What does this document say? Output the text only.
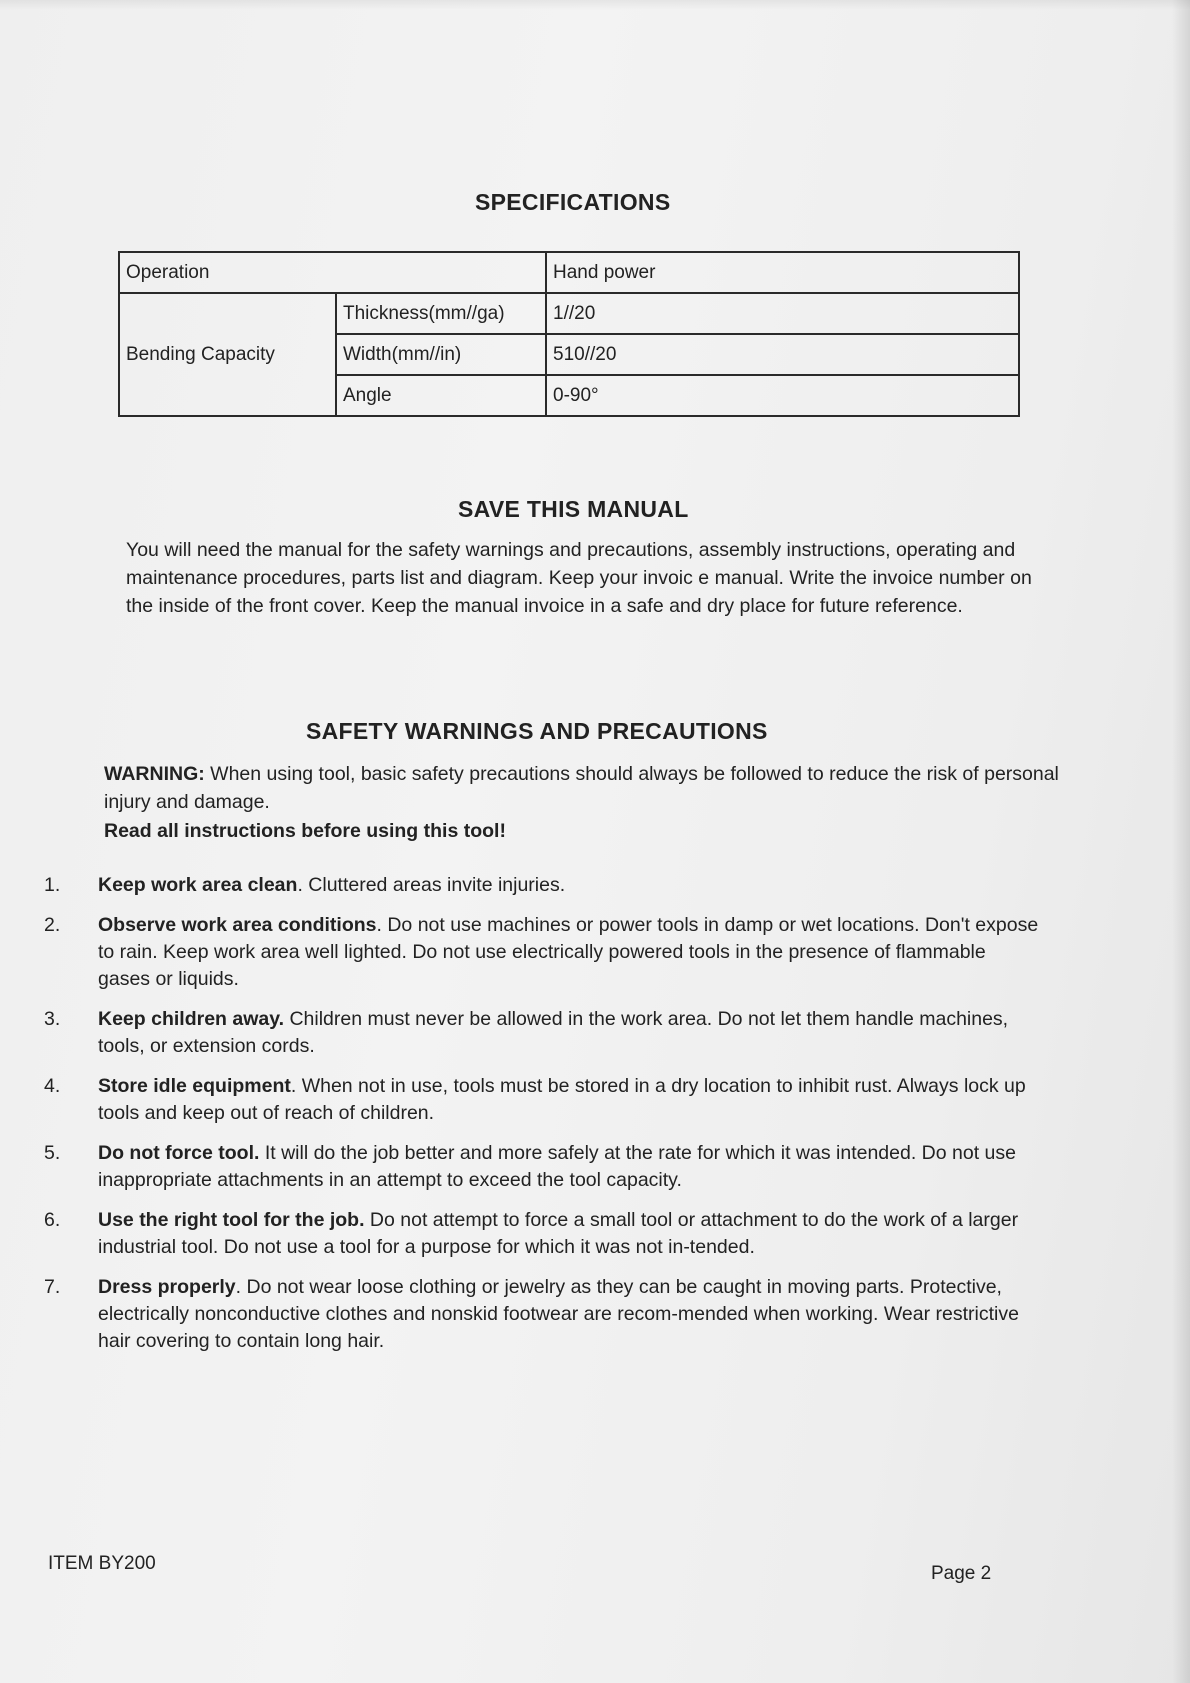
SPECIFICATIONS
Operation		Hand power
Bending Capacity	Thickness(mm//ga)	1//20
	Width(mm//in)	510//20
	Angle	0-90°
SAVE THIS MANUAL
You will need the manual for the safety warnings and precautions, assembly instructions, operating and maintenance procedures, parts list and diagram. Keep your invoic e manual. Write the invoice number on the inside of the front cover. Keep the manual invoice in a safe and dry place for future reference.
SAFETY WARNINGS AND PRECAUTIONS
WARNING: When using tool, basic safety precautions should always be followed to reduce the risk of personal injury and damage.
Read all instructions before using this tool!
1. Keep work area clean. Cluttered areas invite injuries.
2. Observe work area conditions. Do not use machines or power tools in damp or wet locations. Don't expose to rain. Keep work area well lighted. Do not use electrically powered tools in the presence of flammable gases or liquids.
3. Keep children away. Children must never be allowed in the work area. Do not let them handle machines, tools, or extension cords.
4. Store idle equipment. When not in use, tools must be stored in a dry location to inhibit rust. Always lock up tools and keep out of reach of children.
5. Do not force tool. It will do the job better and more safely at the rate for which it was intended. Do not use inappropriate attachments in an attempt to exceed the tool capacity.
6. Use the right tool for the job. Do not attempt to force a small tool or attachment to do the work of a larger industrial tool. Do not use a tool for a purpose for which it was not in-tended.
7. Dress properly. Do not wear loose clothing or jewelry as they can be caught in moving parts. Protective, electrically nonconductive clothes and nonskid footwear are recom-mended when working. Wear restrictive hair covering to contain long hair.
ITEM BY200	Page 2
